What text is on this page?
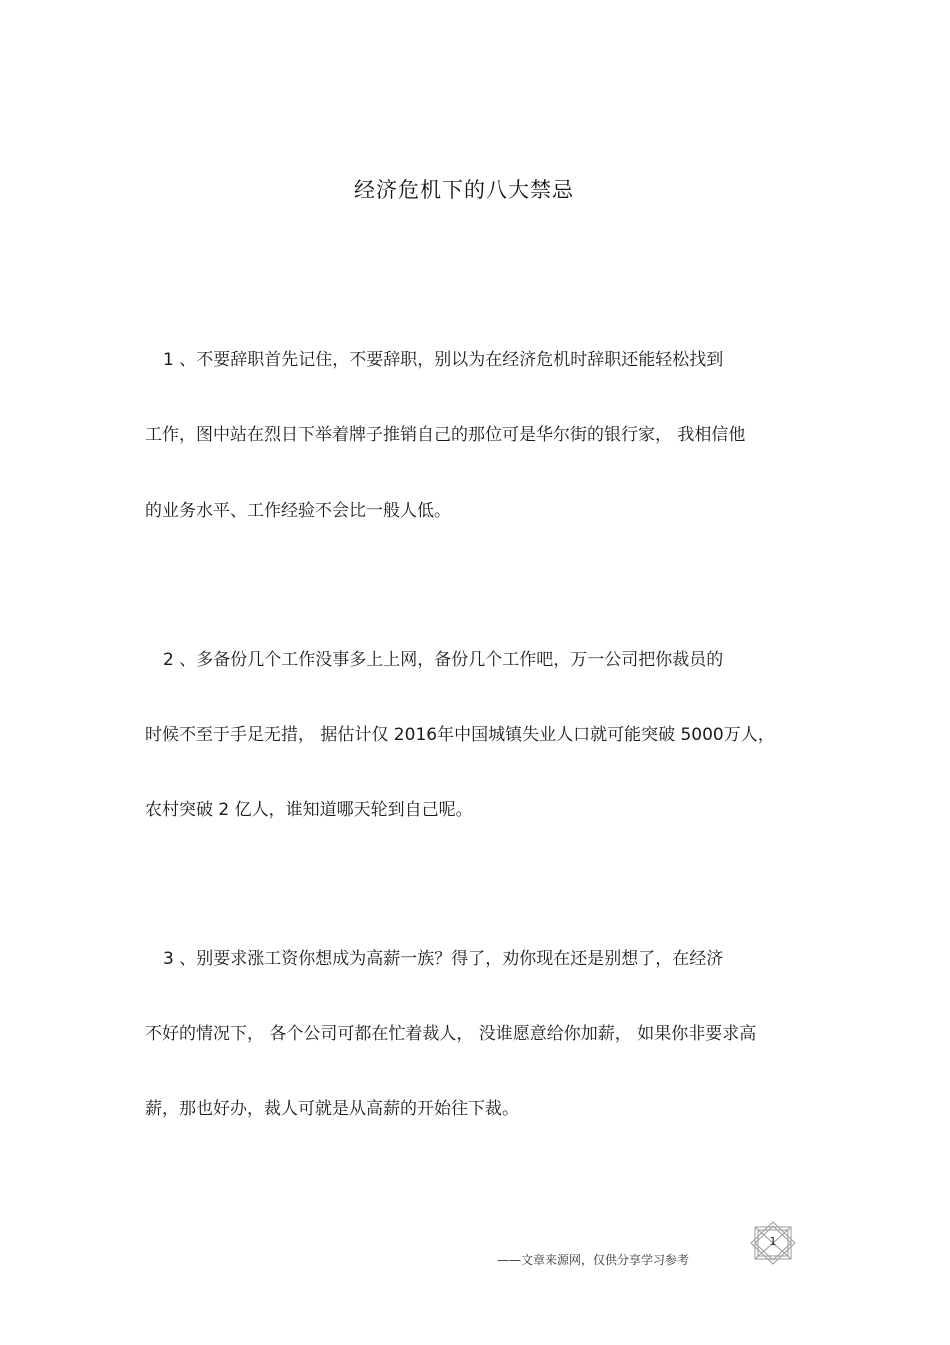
经济危机下的八大禁忌
1 、不要辞职首先记住，不要辞职，别以为在经济危机时辞职还能轻松找到
工作，图中站在烈日下举着牌子推销自己的那位可是华尔街的银行家， 我相信他
的业务水平、工作经验不会比一般人低。
2 、多备份几个工作没事多上上网，备份几个工作吧，万一公司把你裁员的
时候不至于手足无措， 据估计仅 2016年中国城镇失业人口就可能突破 5000万人，
农村突破 2 亿人，谁知道哪天轮到自己呢。
3 、别要求涨工资你想成为高薪一族？得了，劝你现在还是别想了，在经济
不好的情况下， 各个公司可都在忙着裁人， 没谁愿意给你加薪， 如果你非要求高
薪，那也好办，裁人可就是从高薪的开始往下裁。
——文章来源网，仅供分享学习参考
1
